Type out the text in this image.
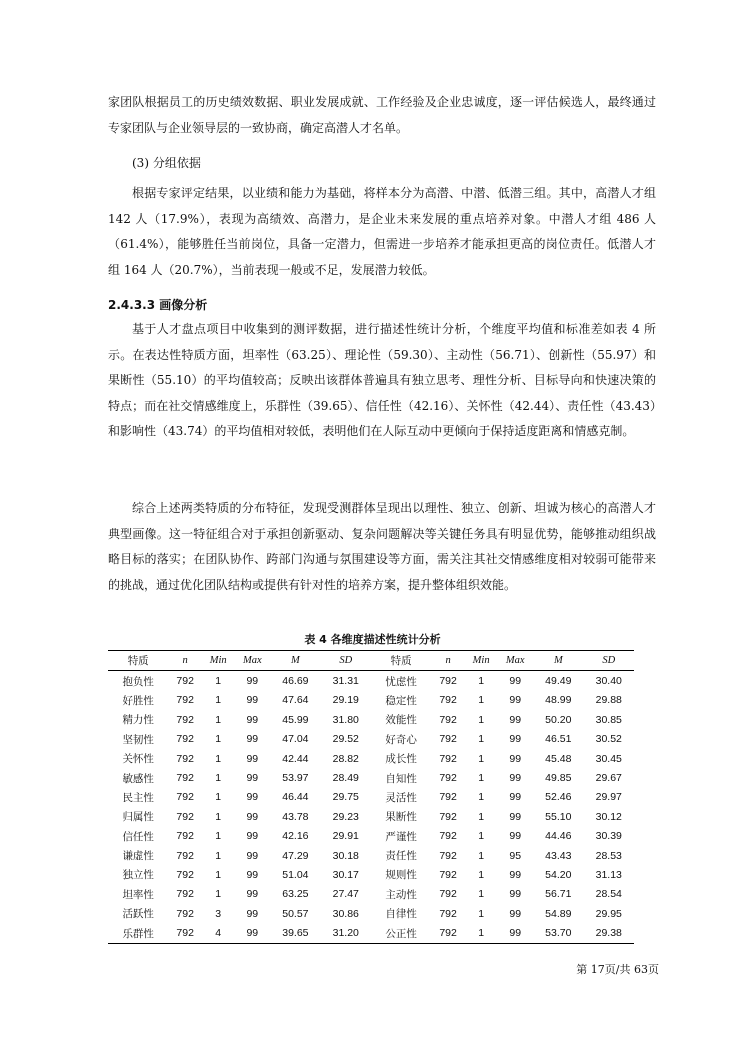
家团队根据员工的历史绩效数据、职业发展成就、工作经验及企业忠诚度，逐一评估候选人，最终通过专家团队与企业领导层的一致协商，确定高潜人才名单。

(3) 分组依据

根据专家评定结果，以业绩和能力为基础，将样本分为高潜、中潜、低潜三组。其中，高潜人才组 142 人（17.9%），表现为高绩效、高潜力，是企业未来发展的重点培养对象。中潜人才组 486 人（61.4%），能够胜任当前岗位，具备一定潜力，但需进一步培养才能承担更高的岗位责任。低潜人才组 164 人（20.7%），当前表现一般或不足，发展潜力较低。

2.4.3.3 画像分析

基于人才盘点项目中收集到的测评数据，进行描述性统计分析，个维度平均值和标准差如表 4 所示。在表达性特质方面，坦率性（63.25）、理论性（59.30）、主动性（56.71）、创新性（55.97）和果断性（55.10）的平均值较高；反映出该群体普遍具有独立思考、理性分析、目标导向和快速决策的特点；而在社交情感维度上，乐群性（39.65）、信任性（42.16）、关怀性（42.44）、责任性（43.43）和影响性（43.74）的平均值相对较低，表明他们在人际互动中更倾向于保持适度距离和情感克制。

综合上述两类特质的分布特征，发现受测群体呈现出以理性、独立、创新、坦诚为核心的高潜人才典型画像。这一特征组合对于承担创新驱动、复杂问题解决等关键任务具有明显优势，能够推动组织战略目标的落实；在团队协作、跨部门沟通与氛围建设等方面，需关注其社交情感维度相对较弱可能带来的挑战，通过优化团队结构或提供有针对性的培养方案，提升整体组织效能。

表 4 各维度描述性统计分析
特质	n	Min	Max	M	SD	特质	n	Min	Max	M	SD
抱负性	792	1	99	46.69	31.31	忧虑性	792	1	99	49.49	30.40
好胜性	792	1	99	47.64	29.19	稳定性	792	1	99	48.99	29.88
精力性	792	1	99	45.99	31.80	效能性	792	1	99	50.20	30.85
坚韧性	792	1	99	47.04	29.52	好奇心	792	1	99	46.51	30.52
关怀性	792	1	99	42.44	28.82	成长性	792	1	99	45.48	30.45
敏感性	792	1	99	53.97	28.49	自知性	792	1	99	49.85	29.67
民主性	792	1	99	46.44	29.75	灵活性	792	1	99	52.46	29.97
归属性	792	1	99	43.78	29.23	果断性	792	1	99	55.10	30.12
信任性	792	1	99	42.16	29.91	严谨性	792	1	99	44.46	30.39
谦虚性	792	1	99	47.29	30.18	责任性	792	1	95	43.43	28.53
独立性	792	1	99	51.04	30.17	规则性	792	1	99	54.20	31.13
坦率性	792	1	99	63.25	27.47	主动性	792	1	99	56.71	28.54
活跃性	792	3	99	50.57	30.86	自律性	792	1	99	54.89	29.95
乐群性	792	4	99	39.65	31.20	公正性	792	1	99	53.70	29.38
第 17页/共 63页
